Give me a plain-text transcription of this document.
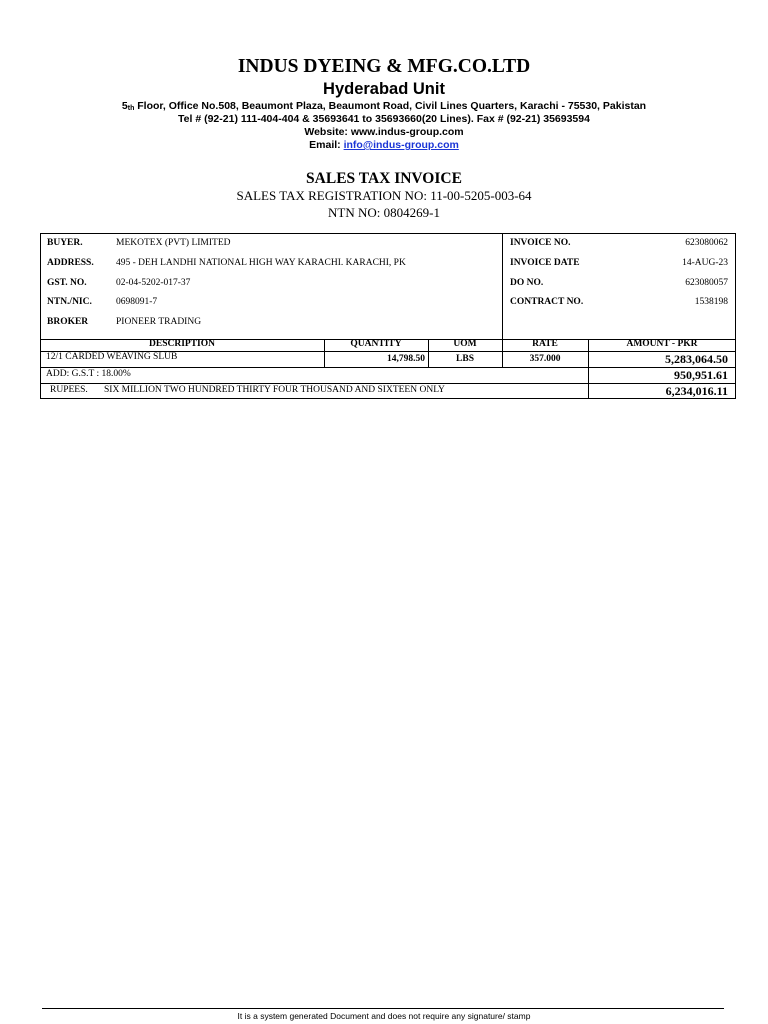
INDUS DYEING & MFG.CO.LTD
Hyderabad Unit
$5_{th}$ Floor, Office No.508, Beaumont Plaza, Beaumont Road, Civil Lines Quarters, Karachi - 75530, Pakistan
Tel # (92-21) 111-404-404 & 35693641 to 35693660(20 Lines). Fax # (92-21) 35693594
Website: www.indus-group.com
Email: info@indus-group.com
SALES TAX INVOICE
SALES TAX REGISTRATION NO: 11-00-5205-003-64
NTN NO: 0804269-1
BUYER.	MEKOTEX (PVT) LIMITED
ADDRESS. 495 - DEH LANDHI NATIONAL HIGH WAY KARACHI. KARACHI, PK
GST. NO.	02-04-5202-017-37
NTN./NIC.	0698091-7
BROKER	PIONEER TRADING
INVOICE NO.	623080062
INVOICE DATE	14-AUG-23
DO NO.	623080057
CONTRACT NO.	1538198
DESCRIPTION	QUANTITY	UOM	RATE	AMOUNT - PKR
12/1 CARDED WEAVING SLUB	14,798.50	LBS	357.000	5,283,064.50
ADD: G.S.T : 18.00%	950,951.61
RUPEES. SIX MILLION TWO HUNDRED THIRTY FOUR THOUSAND AND SIXTEEN ONLY	6,234,016.11
It is a system generated Document and does not require any signature/ stamp
